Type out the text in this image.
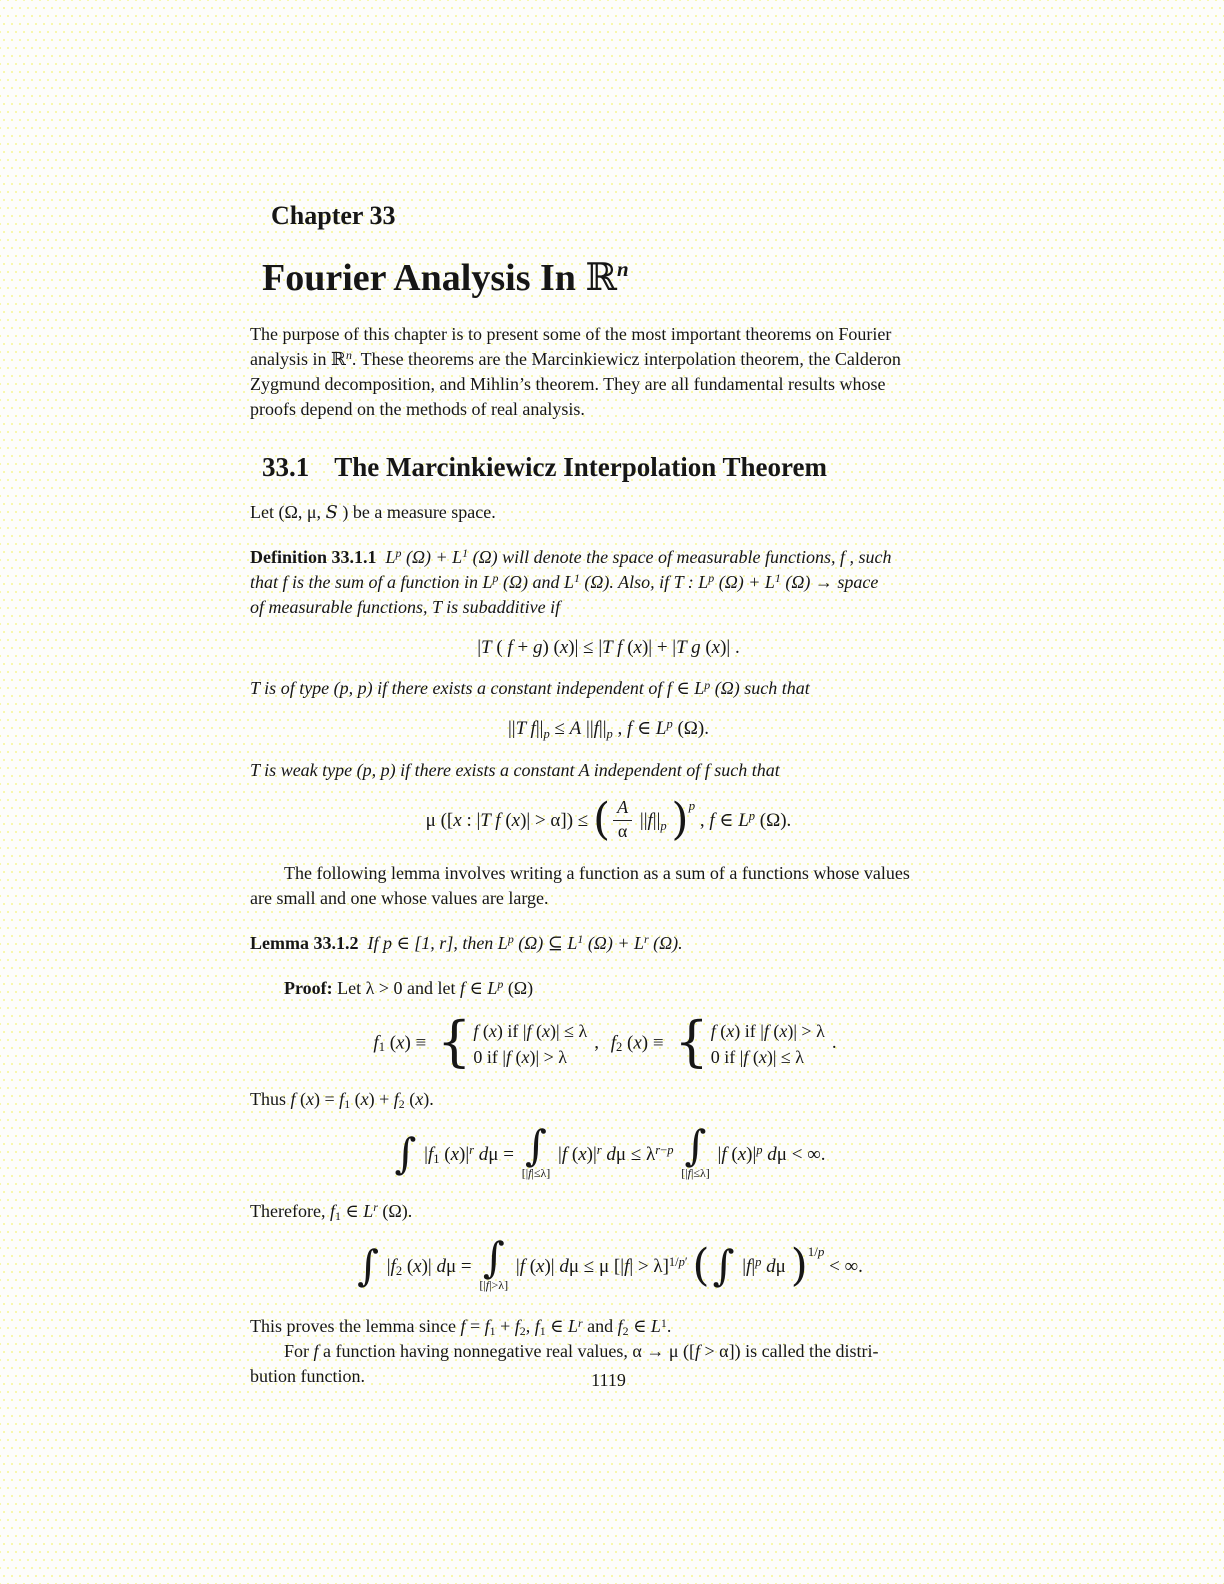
Chapter 33
Fourier Analysis In ℝ$^n$
The purpose of this chapter is to present some of the most important theorems on Fourier
analysis in ℝ$^n$. These theorems are the Marcinkiewicz interpolation theorem, the Calderon
Zygmund decomposition, and Mihlin’s theorem. They are all fundamental results whose
proofs depend on the methods of real analysis.
33.1 The Marcinkiewicz Interpolation Theorem
Let (Ω, μ, S ) be a measure space.
Definition 33.1.1 $L^p$ $(\Omega) + L^1$ (Ω) will denote the space of measurable functions, f , such
that f is the sum of a function in $L^p$ (Ω) and $L^1$ (Ω). Also, if T : $L^p$ $(\Omega) + L^1$ (Ω) → space
of measurable functions, T is subadditive if
|T ( f + g) (x)| ≤ |T f (x)| + |T g (x)| .
T is of type (p, p) if there exists a constant independent of f ∈ $L^p$ (Ω) such that
||T $f||_p \le A$ $||f||_p$ , f ∈ $L^p$ (Ω).
T is weak type (p, p) if there exists a constant A independent of f such that
μ ([x : |T f (x)| > α]) ≤ ( $\frac{A}{\alpha} ||f||_p$ )$^p$ , f ∈ $L^p$ (Ω).
The following lemma involves writing a function as a sum of a functions whose values
are small and one whose values are large.
Lemma 33.1.2 If p ∈ [1, r], then $L^p$ (Ω) ⊆ $L^1$ $(\Omega) + L^r$ (Ω).
Proof: Let λ > 0 and let f ∈ $L^p$ (Ω)
$f_1$ (x) ≡ { f (x) if |f (x)| ≤ λ
0 if |f (x)| > λ
, $f_2$ (x) ≡ { f (x) if |f (x)| > λ
0 if |f (x)| ≤ λ
.
Thus f $(x) = f_1$ $(x) + f_2$ (x).
∫ $|f_1$ $(x)|^r$ dμ = ∫
[|f|≤λ]
|f $(x)|^r$ $d\mu \le \lambda^{r-p}$ ∫
[|f|≤λ]
|f $(x)|^p$ dμ < ∞.
Therefore, $f_1$ ∈ $L^r$ (Ω).
∫ $|f_2$ (x)| dμ = ∫
[|f|>λ]
|f (x)| dμ ≤ μ [|f| > λ]$^{1/p'}$ ( ∫ $|f|^p$ dμ )$^{1/p}$ < ∞.
This proves the lemma since $f = f_1 + f_2$, $f_1$ ∈ $L^r$ and $f_2$ ∈ $L^1$.
For f a function having nonnegative real values, α → μ ([f > α]) is called the distri-
bution function.	1119
